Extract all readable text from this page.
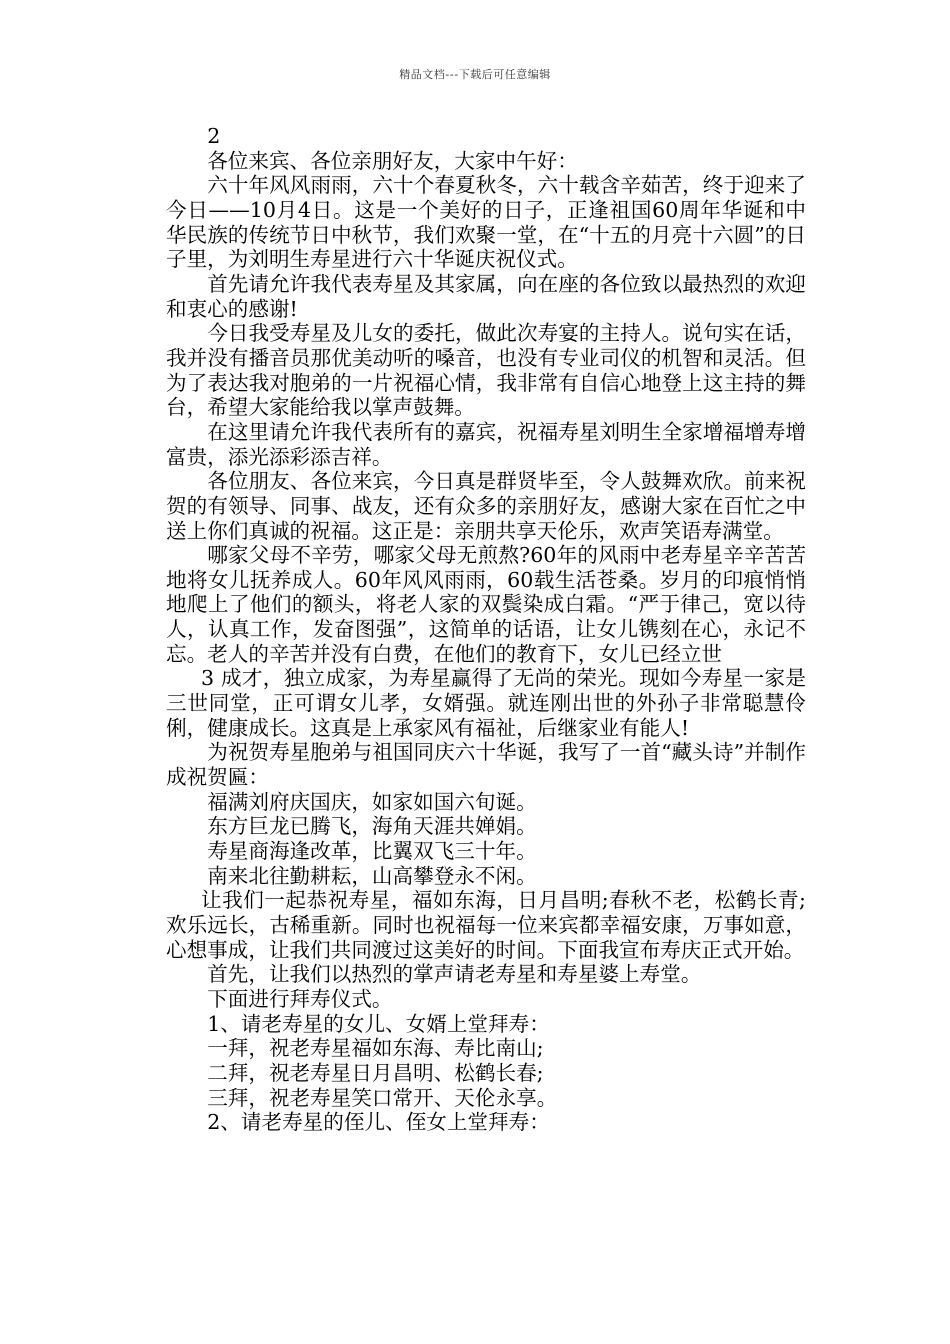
精品文档---下载后可任意编辑

2

各位来宾、各位亲朋好友，大家中午好：

六十年风风雨雨，六十个春夏秋冬，六十载含辛茹苦，终于迎来了今日——10月4日。这是一个美好的日子，正逢祖国60周年华诞和中华民族的传统节日中秋节，我们欢聚一堂，在“十五的月亮十六圆”的日子里，为刘明生寿星进行六十华诞庆祝仪式。

首先请允许我代表寿星及其家属，向在座的各位致以最热烈的欢迎和衷心的感谢!

今日我受寿星及儿女的委托，做此次寿宴的主持人。说句实在话，我并没有播音员那优美动听的嗓音，也没有专业司仪的机智和灵活。但为了表达我对胞弟的一片祝福心情，我非常有自信心地登上这主持的舞台，希望大家能给我以掌声鼓舞。

在这里请允许我代表所有的嘉宾，祝福寿星刘明生全家增福增寿增富贵，添光添彩添吉祥。

各位朋友、各位来宾，今日真是群贤毕至，令人鼓舞欢欣。前来祝贺的有领导、同事、战友，还有众多的亲朋好友，感谢大家在百忙之中送上你们真诚的祝福。这正是：亲朋共享天伦乐，欢声笑语寿满堂。

哪家父母不辛劳，哪家父母无煎熬?60年的风雨中老寿星辛辛苦苦地将女儿抚养成人。60年风风雨雨，60载生活苍桑。岁月的印痕悄悄地爬上了他们的额头，将老人家的双鬓染成白霜。“严于律己，宽以待人，认真工作，发奋图强”，这简单的话语，让女儿镌刻在心，永记不忘。老人的辛苦并没有白费，在他们的教育下，女儿已经立世

3 成才，独立成家，为寿星赢得了无尚的荣光。现如今寿星一家是三世同堂，正可谓女儿孝，女婿强。就连刚出世的外孙子非常聪慧伶俐，健康成长。这真是上承家风有福祉，后继家业有能人!

为祝贺寿星胞弟与祖国同庆六十华诞，我写了一首“藏头诗”并制作成祝贺匾：

福满刘府庆国庆，如家如国六旬诞。

东方巨龙已腾飞，海角天涯共婵娟。

寿星商海逢改革，比翼双飞三十年。

南来北往勤耕耘，山高攀登永不闲。

让我们一起恭祝寿星，福如东海，日月昌明;春秋不老，松鹤长青;欢乐远长，古稀重新。同时也祝福每一位来宾都幸福安康，万事如意，心想事成，让我们共同渡过这美好的时间。下面我宣布寿庆正式开始。

首先，让我们以热烈的掌声请老寿星和寿星婆上寿堂。

下面进行拜寿仪式。

1、请老寿星的女儿、女婿上堂拜寿：

一拜，祝老寿星福如东海、寿比南山;

二拜，祝老寿星日月昌明、松鹤长春;

三拜，祝老寿星笑口常开、天伦永享。

2、请老寿星的侄儿、侄女上堂拜寿：
